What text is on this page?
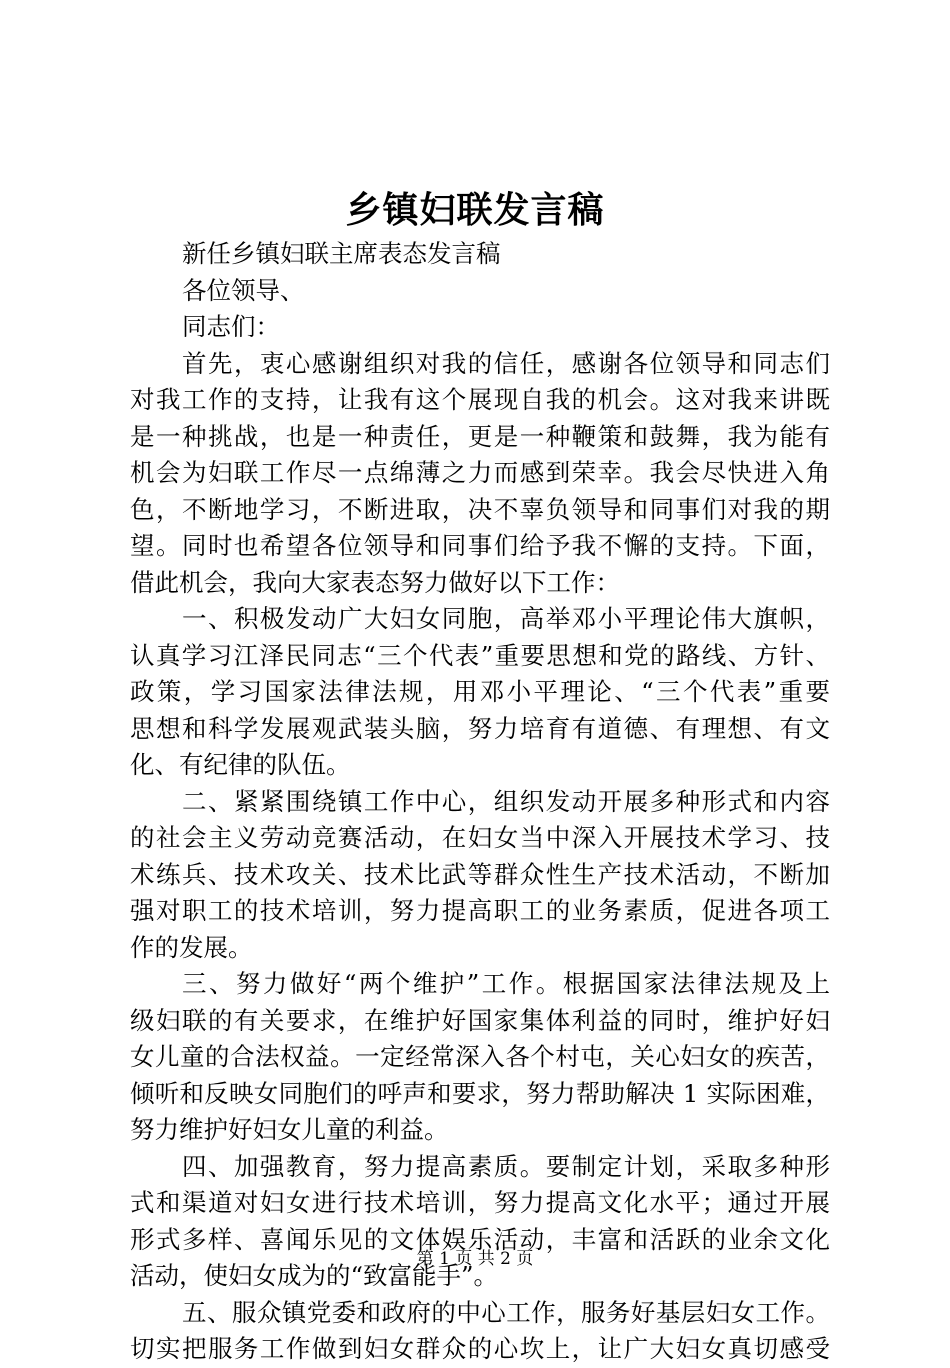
乡镇妇联发言稿
新任乡镇妇联主席表态发言稿
各位领导、
同志们：
首先，衷心感谢组织对我的信任，感谢各位领导和同志们
对我工作的支持，让我有这个展现自我的机会。这对我来讲既
是一种挑战，也是一种责任，更是一种鞭策和鼓舞，我为能有
机会为妇联工作尽一点绵薄之力而感到荣幸。我会尽快进入角
色，不断地学习，不断进取，决不辜负领导和同事们对我的期
望。同时也希望各位领导和同事们给予我不懈的支持。下面，
借此机会，我向大家表态努力做好以下工作：
一、积极发动广大妇女同胞，高举邓小平理论伟大旗帜，
认真学习江泽民同志“三个代表”重要思想和党的路线、方针、
政策，学习国家法律法规，用邓小平理论、“三个代表”重要
思想和科学发展观武装头脑，努力培育有道德、有理想、有文
化、有纪律的队伍。
二、紧紧围绕镇工作中心，组织发动开展多种形式和内容
的社会主义劳动竞赛活动，在妇女当中深入开展技术学习、技
术练兵、技术攻关、技术比武等群众性生产技术活动，不断加
强对职工的技术培训，努力提高职工的业务素质，促进各项工
作的发展。
三、努力做好“两个维护”工作。根据国家法律法规及上
级妇联的有关要求，在维护好国家集体利益的同时，维护好妇
女儿童的合法权益。一定经常深入各个村屯，关心妇女的疾苦，
倾听和反映女同胞们的呼声和要求，努力帮助解决 1 实际困难，
努力维护好妇女儿童的利益。
四、加强教育，努力提高素质。要制定计划，采取多种形
式和渠道对妇女进行技术培训，努力提高文化水平；通过开展
形式多样、喜闻乐见的文体娱乐活动，丰富和活跃的业余文化
活动，使妇女成为的“致富能手”。
五、服众镇党委和政府的中心工作，服务好基层妇女工作。
切实把服务工作做到妇女群众的心坎上，让广大妇女真切感受
第 1 页 共 2 页
